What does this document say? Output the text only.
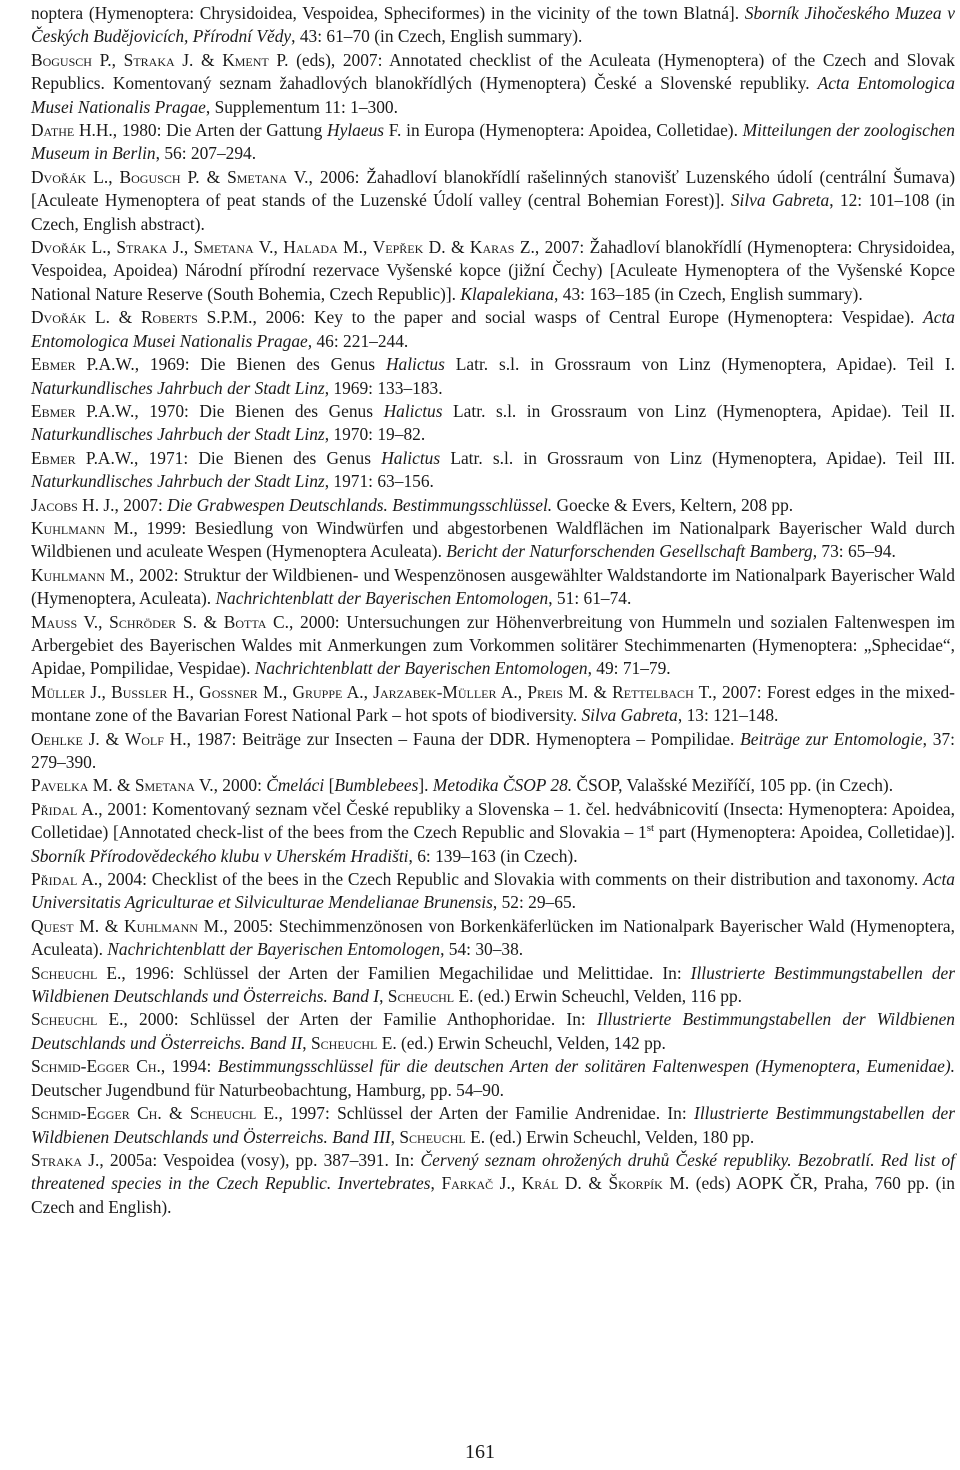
noptera (Hymenoptera: Chrysidoidea, Vespoidea, Spheciformes) in the vicinity of the town Blatná]. Sborník Jihočeského Muzea v Českých Budějovicích, Přírodní Vědy, 43: 61–70 (in Czech, English summary).

Bogusch P., Straka J. & Kment P. (eds), 2007: Annotated checklist of the Aculeata (Hymenoptera) of the Czech and Slovak Republics. Komentovaný seznam žahadlových blanokřídlých (Hymenoptera) České a Slovenské republiky. Acta Entomologica Musei Nationalis Pragae, Supplementum 11: 1–300.

Dathe H.H., 1980: Die Arten der Gattung Hylaeus F. in Europa (Hymenoptera: Apoidea, Colletidae). Mitteilungen der zoologischen Museum in Berlin, 56: 207–294.

Dvořák L., Bogusch P. & Smetana V., 2006: Žahadloví blanokřídlí rašelinných stanovišť Luzenského údolí (centrální Šumava) [Aculeate Hymenoptera of peat stands of the Luzenské Údolí valley (central Bohemian Forest)]. Silva Gabreta, 12: 101–108 (in Czech, English abstract).

Dvořák L., Straka J., Smetana V., Halada M., Vepřek D. & Karas Z., 2007: Žahadloví blanokřídlí (Hymenoptera: Chrysidoidea, Vespoidea, Apoidea) Národní přírodní rezervace Vyšenské kopce (jižní Čechy) [Aculeate Hymenoptera of the Vyšenské Kopce National Nature Reserve (South Bohemia, Czech Republic)]. Klapalekiana, 43: 163–185 (in Czech, English summary).

Dvořák L. & Roberts S.P.M., 2006: Key to the paper and social wasps of Central Europe (Hymenoptera: Vespidae). Acta Entomologica Musei Nationalis Pragae, 46: 221–244.

Ebmer P.A.W., 1969: Die Bienen des Genus Halictus Latr. s.l. in Grossraum von Linz (Hymenoptera, Apidae). Teil I. Naturkundlisches Jahrbuch der Stadt Linz, 1969: 133–183.

Ebmer P.A.W., 1970: Die Bienen des Genus Halictus Latr. s.l. in Grossraum von Linz (Hymenoptera, Apidae). Teil II. Naturkundlisches Jahrbuch der Stadt Linz, 1970: 19–82.

Ebmer P.A.W., 1971: Die Bienen des Genus Halictus Latr. s.l. in Grossraum von Linz (Hymenoptera, Apidae). Teil III. Naturkundlisches Jahrbuch der Stadt Linz, 1971: 63–156.

Jacobs H. J., 2007: Die Grabwespen Deutschlands. Bestimmungsschlüssel. Goecke & Evers, Keltern, 208 pp.

Kuhlmann M., 1999: Besiedlung von Windwürfen und abgestorbenen Waldflächen im Nationalpark Bayerischer Wald durch Wildbienen und aculeate Wespen (Hymenoptera Aculeata). Bericht der Naturforschenden Gesellschaft Bamberg, 73: 65–94.

Kuhlmann M., 2002: Struktur der Wildbienen- und Wespenzönosen ausgewählter Waldstandorte im Nationalpark Bayerischer Wald (Hymenoptera, Aculeata). Nachrichtenblatt der Bayerischen Entomologen, 51: 61–74.

Mauss V., Schröder S. & Botta C., 2000: Untersuchungen zur Höhenverbreitung von Hummeln und sozialen Faltenwespen im Arbergebiet des Bayerischen Waldes mit Anmerkungen zum Vorkommen solitärer Stechimmenarten (Hymenoptera: „Sphecidae“, Apidae, Pompilidae, Vespidae). Nachrichtenblatt der Bayerischen Entomologen, 49: 71–79.

Müller J., Bussler H., Gossner M., Gruppe A., Jarzabek-Müller A., Preis M. & Rettelbach T., 2007: Forest edges in the mixed-montane zone of the Bavarian Forest National Park – hot spots of biodiversity. Silva Gabreta, 13: 121–148.

Oehlke J. & Wolf H., 1987: Beiträge zur Insecten – Fauna der DDR. Hymenoptera – Pompilidae. Beiträge zur Entomologie, 37: 279–390.

Pavelka M. & Smetana V., 2000: Čmeláci [Bumblebees]. Metodika ČSOP 28. ČSOP, Valašské Meziříčí, 105 pp. (in Czech).

Přidal A., 2001: Komentovaný seznam včel České republiky a Slovenska – 1. čel. hedvábnicovití (Insecta: Hymenoptera: Apoidea, Colletidae) [Annotated check-list of the bees from the Czech Republic and Slovakia – 1st part (Hymenoptera: Apoidea, Colletidae)]. Sborník Přírodovědeckého klubu v Uherském Hradišti, 6: 139–163 (in Czech).

Přidal A., 2004: Checklist of the bees in the Czech Republic and Slovakia with comments on their distribution and taxonomy. Acta Universitatis Agriculturae et Silviculturae Mendelianae Brunensis, 52: 29–65.

Quest M. & Kuhlmann M., 2005: Stechimmenzönosen von Borkenkäferlücken im Nationalpark Bayerischer Wald (Hymenoptera, Aculeata). Nachrichtenblatt der Bayerischen Entomologen, 54: 30–38.

Scheuchl E., 1996: Schlüssel der Arten der Familien Megachilidae und Melittidae. In: Illustrierte Bestimmungstabellen der Wildbienen Deutschlands und Österreichs. Band I, Scheuchl E. (ed.) Erwin Scheuchl, Velden, 116 pp.

Scheuchl E., 2000: Schlüssel der Arten der Familie Anthophoridae. In: Illustrierte Bestimmungstabellen der Wildbienen Deutschlands und Österreichs. Band II, Scheuchl E. (ed.) Erwin Scheuchl, Velden, 142 pp.

Schmid-Egger Ch., 1994: Bestimmungsschlüssel für die deutschen Arten der solitären Faltenwespen (Hymenoptera, Eumenidae). Deutscher Jugendbund für Naturbeobachtung, Hamburg, pp. 54–90.

Schmid-Egger Ch. & Scheuchl E., 1997: Schlüssel der Arten der Familie Andrenidae. In: Illustrierte Bestimmungstabellen der Wildbienen Deutschlands und Österreichs. Band III, Scheuchl E. (ed.) Erwin Scheuchl, Velden, 180 pp.

Straka J., 2005a: Vespoidea (vosy), pp. 387–391. In: Červený seznam ohrožených druhů České republiky. Bezobratlí. Red list of threatened species in the Czech Republic. Invertebrates, Farkač J., Král D. & Škorpík M. (eds) AOPK ČR, Praha, 760 pp. (in Czech and English).

161
